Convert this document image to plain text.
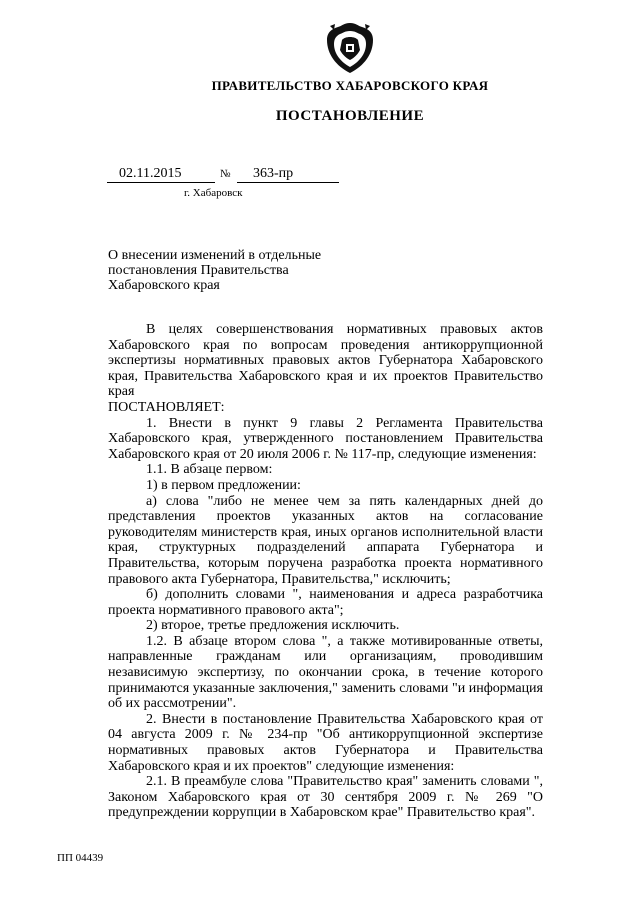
ПРАВИТЕЛЬСТВО ХАБАРОВСКОГО КРАЯ
ПОСТАНОВЛЕНИЕ
02.11.2015	№	363-пр
г. Хабаровск
О внесении изменений в отдельные постановления Правительства Хабаровского края

В целях совершенствования нормативных правовых актов Хабаровского края по вопросам проведения антикоррупционной экспертизы нормативных правовых актов Губернатора Хабаровского края, Правительства Хабаровского края и их проектов Правительство края

ПОСТАНОВЛЯЕТ:

1. Внести в пункт 9 главы 2 Регламента Правительства Хабаровского края, утвержденного постановлением Правительства Хабаровского края от 20 июля 2006 г. № 117-пр, следующие изменения:

1.1. В абзаце первом:

1) в первом предложении:

а) слова "либо не менее чем за пять календарных дней до представления проектов указанных актов на согласование руководителям министерств края, иных органов исполнительной власти края, структурных подразделений аппарата Губернатора и Правительства, которым поручена разработка проекта нормативного правового акта Губернатора, Правительства," исключить;

б) дополнить словами ", наименования и адреса разработчика проекта нормативного правового акта";

2) второе, третье предложения исключить.

1.2. В абзаце втором слова ", а также мотивированные ответы, направленные гражданам или организациям, проводившим независимую экспертизу, по окончании срока, в течение которого принимаются указанные заключения," заменить словами "и информация об их рассмотрении".

2. Внести в постановление Правительства Хабаровского края от 04 августа 2009 г. № 234-пр "Об антикоррупционной экспертизе нормативных правовых актов Губернатора и Правительства Хабаровского края и их проектов" следующие изменения:

2.1. В преамбуле слова "Правительство края" заменить словами ", Законом Хабаровского края от 30 сентября 2009 г. № 269 "О предупреждении коррупции в Хабаровском крае" Правительство края".

ПП 04439
